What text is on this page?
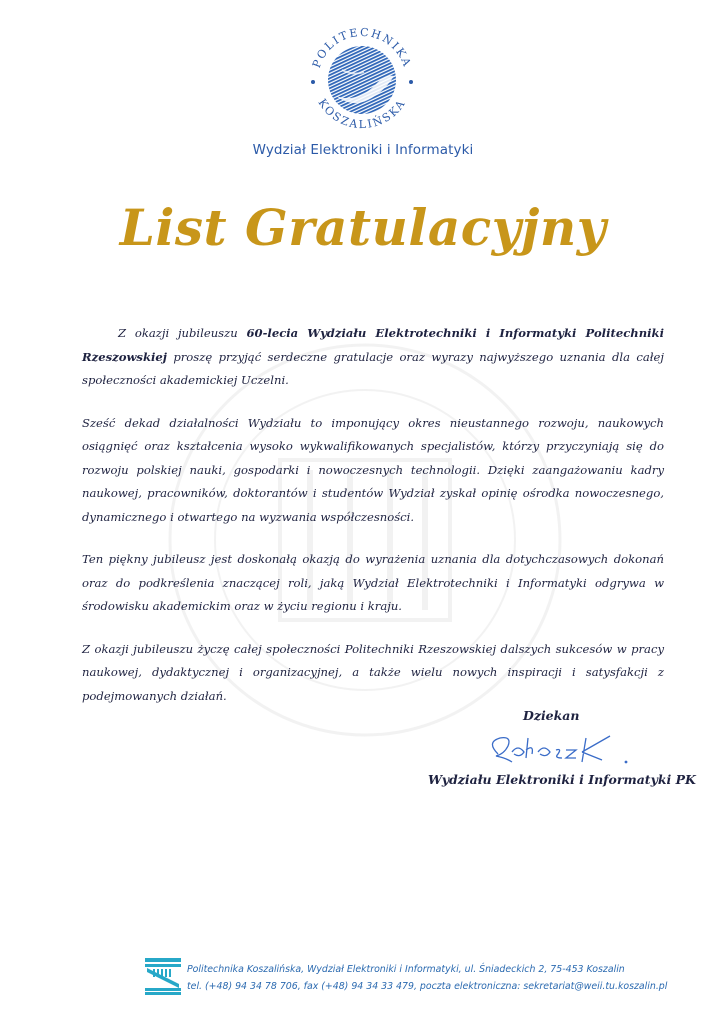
POLITECHNIKA
KOSZALIŃSKA
Wydział Elektroniki i Informatyki
List Gratulacyjny

Z okazji jubileuszu 60-lecia Wydziału Elektrotechniki i Informatyki Politechniki Rzeszowskiej proszę przyjąć serdeczne gratulacje oraz wyrazy najwyższego uznania dla całej społeczności akademickiej Uczelni.

Sześć dekad działalności Wydziału to imponujący okres nieustannego rozwoju, naukowych osiągnięć oraz kształcenia wysoko wykwalifikowanych specjalistów, którzy przyczyniają się do rozwoju polskiej nauki, gospodarki i nowoczesnych technologii. Dzięki zaangażowaniu kadry naukowej, pracowników, doktorantów i studentów Wydział zyskał opinię ośrodka nowoczesnego, dynamicznego i otwartego na wyzwania współczesności.

Ten piękny jubileusz jest doskonałą okazją do wyrażenia uznania dla dotychczasowych dokonań oraz do podkreślenia znaczącej roli, jaką Wydział Elektrotechniki i Informatyki odgrywa w środowisku akademickim oraz w życiu regionu i kraju.

Z okazji jubileuszu życzę całej społeczności Politechniki Rzeszowskiej dalszych sukcesów w pracy naukowej, dydaktycznej i organizacyjnej, a także wielu nowych inspiracji i satysfakcji z podejmowanych działań.

Dziekan
Wydziału Elektroniki i Informatyki PK
Politechnika Koszalińska, Wydział Elektroniki i Informatyki, ul. Śniadeckich 2, 75-453 Koszalin
tel. (+48) 94 34 78 706, fax (+48) 94 34 33 479, poczta elektroniczna: sekretariat@weii.tu.koszalin.pl
